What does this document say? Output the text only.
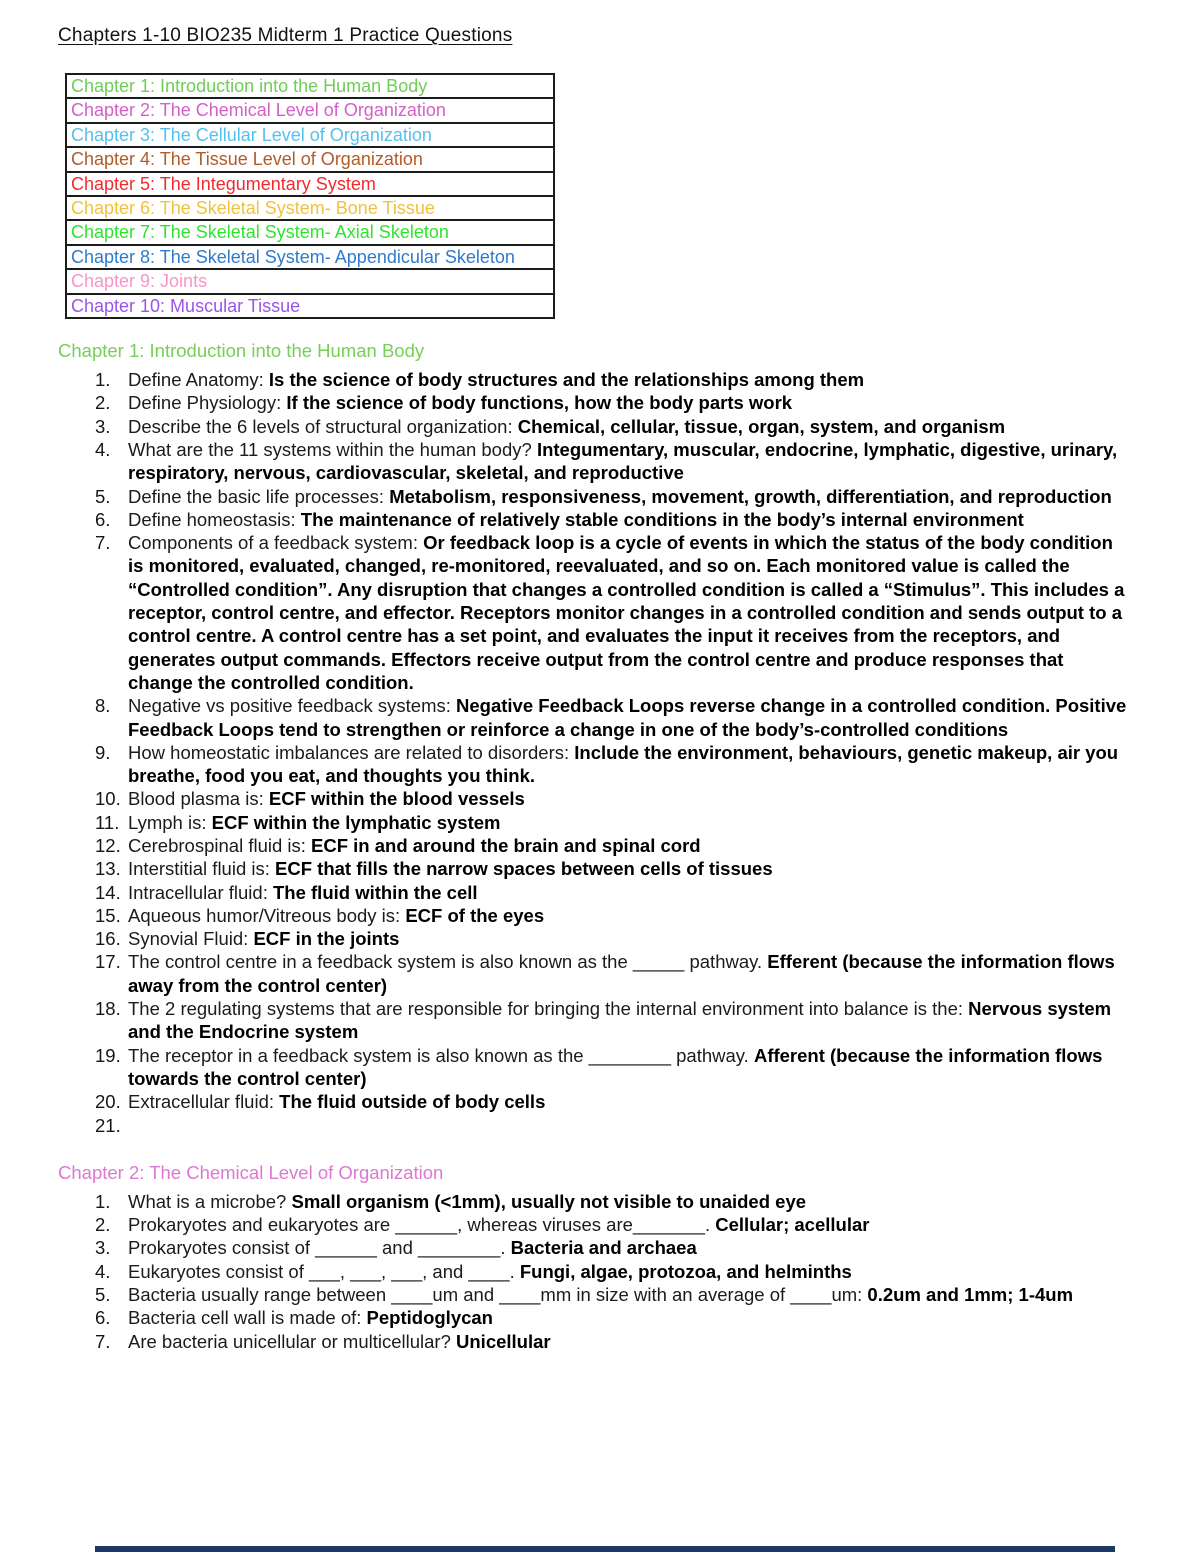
Chapters 1-10 BIO235 Midterm 1 Practice Questions
Chapter 1: Introduction into the Human Body
Chapter 2: The Chemical Level of Organization
Chapter 3: The Cellular Level of Organization
Chapter 4: The Tissue Level of Organization
Chapter 5: The Integumentary System
Chapter 6: The Skeletal System- Bone Tissue
Chapter 7: The Skeletal System- Axial Skeleton
Chapter 8: The Skeletal System- Appendicular Skeleton
Chapter 9: Joints
Chapter 10: Muscular Tissue
Chapter 1: Introduction into the Human Body
1. Define Anatomy: Is the science of body structures and the relationships among them
2. Define Physiology: If the science of body functions, how the body parts work
3. Describe the 6 levels of structural organization: Chemical, cellular, tissue, organ, system, and organism
4. What are the 11 systems within the human body? Integumentary, muscular, endocrine, lymphatic, digestive, urinary, respiratory, nervous, cardiovascular, skeletal, and reproductive
5. Define the basic life processes: Metabolism, responsiveness, movement, growth, differentiation, and reproduction
6. Define homeostasis: The maintenance of relatively stable conditions in the body’s internal environment
7. Components of a feedback system: Or feedback loop is a cycle of events in which the status of the body condition is monitored, evaluated, changed, re-monitored, reevaluated, and so on. Each monitored value is called the “Controlled condition”. Any disruption that changes a controlled condition is called a “Stimulus”. This includes a receptor, control centre, and effector. Receptors monitor changes in a controlled condition and sends output to a control centre. A control centre has a set point, and evaluates the input it receives from the receptors, and generates output commands. Effectors receive output from the control centre and produce responses that change the controlled condition.
8. Negative vs positive feedback systems: Negative Feedback Loops reverse change in a controlled condition. Positive Feedback Loops tend to strengthen or reinforce a change in one of the body’s-controlled conditions
9. How homeostatic imbalances are related to disorders: Include the environment, behaviours, genetic makeup, air you breathe, food you eat, and thoughts you think.
10. Blood plasma is: ECF within the blood vessels
11. Lymph is: ECF within the lymphatic system
12. Cerebrospinal fluid is: ECF in and around the brain and spinal cord
13. Interstitial fluid is: ECF that fills the narrow spaces between cells of tissues
14. Intracellular fluid: The fluid within the cell
15. Aqueous humor/Vitreous body is: ECF of the eyes
16. Synovial Fluid: ECF in the joints
17. The control centre in a feedback system is also known as the _____ pathway. Efferent (because the information flows away from the control center)
18. The 2 regulating systems that are responsible for bringing the internal environment into balance is the: Nervous system and the Endocrine system
19. The receptor in a feedback system is also known as the ________ pathway. Afferent (because the information flows towards the control center)
20. Extracellular fluid: The fluid outside of body cells
21.
Chapter 2: The Chemical Level of Organization
1. What is a microbe? Small organism (<1mm), usually not visible to unaided eye
2. Prokaryotes and eukaryotes are ______, whereas viruses are_______. Cellular; acellular
3. Prokaryotes consist of ______ and ________. Bacteria and archaea
4. Eukaryotes consist of ___, ___, ___, and ____. Fungi, algae, protozoa, and helminths
5. Bacteria usually range between ____um and ____mm in size with an average of ____um: 0.2um and 1mm; 1-4um
6. Bacteria cell wall is made of: Peptidoglycan
7. Are bacteria unicellular or multicellular? Unicellular
